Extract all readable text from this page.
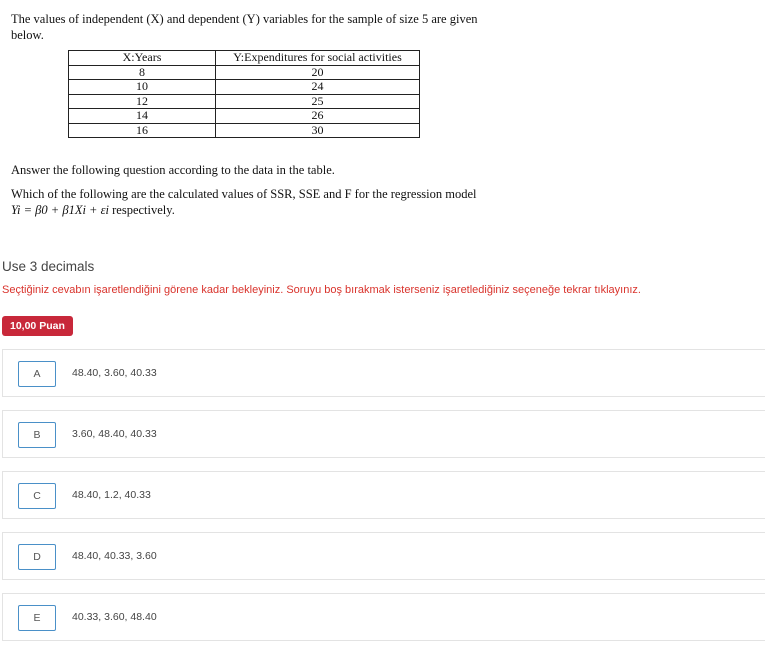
The values of independent (X) and dependent (Y) variables for the sample of size 5 are given below.
X:Years	Y:Expenditures for social activities
8	20
10	24
12	25
14	26
16	30
Answer the following question according to the data in the table.
Which of the following are the calculated values of SSR, SSE and F for the regression model
Yi = β0 + β1Xi + εi respectively.
Use 3 decimals
Seçtiğiniz cevabın işaretlendiğini görene kadar bekleyiniz. Soruyu boş bırakmak isterseniz işaretlediğiniz seçeneğe tekrar tıklayınız.
10,00 Puan
A	48.40, 3.60, 40.33
B	3.60, 48.40, 40.33
C	48.40, 1.2, 40.33
D	48.40, 40.33, 3.60
E	40.33, 3.60, 48.40
